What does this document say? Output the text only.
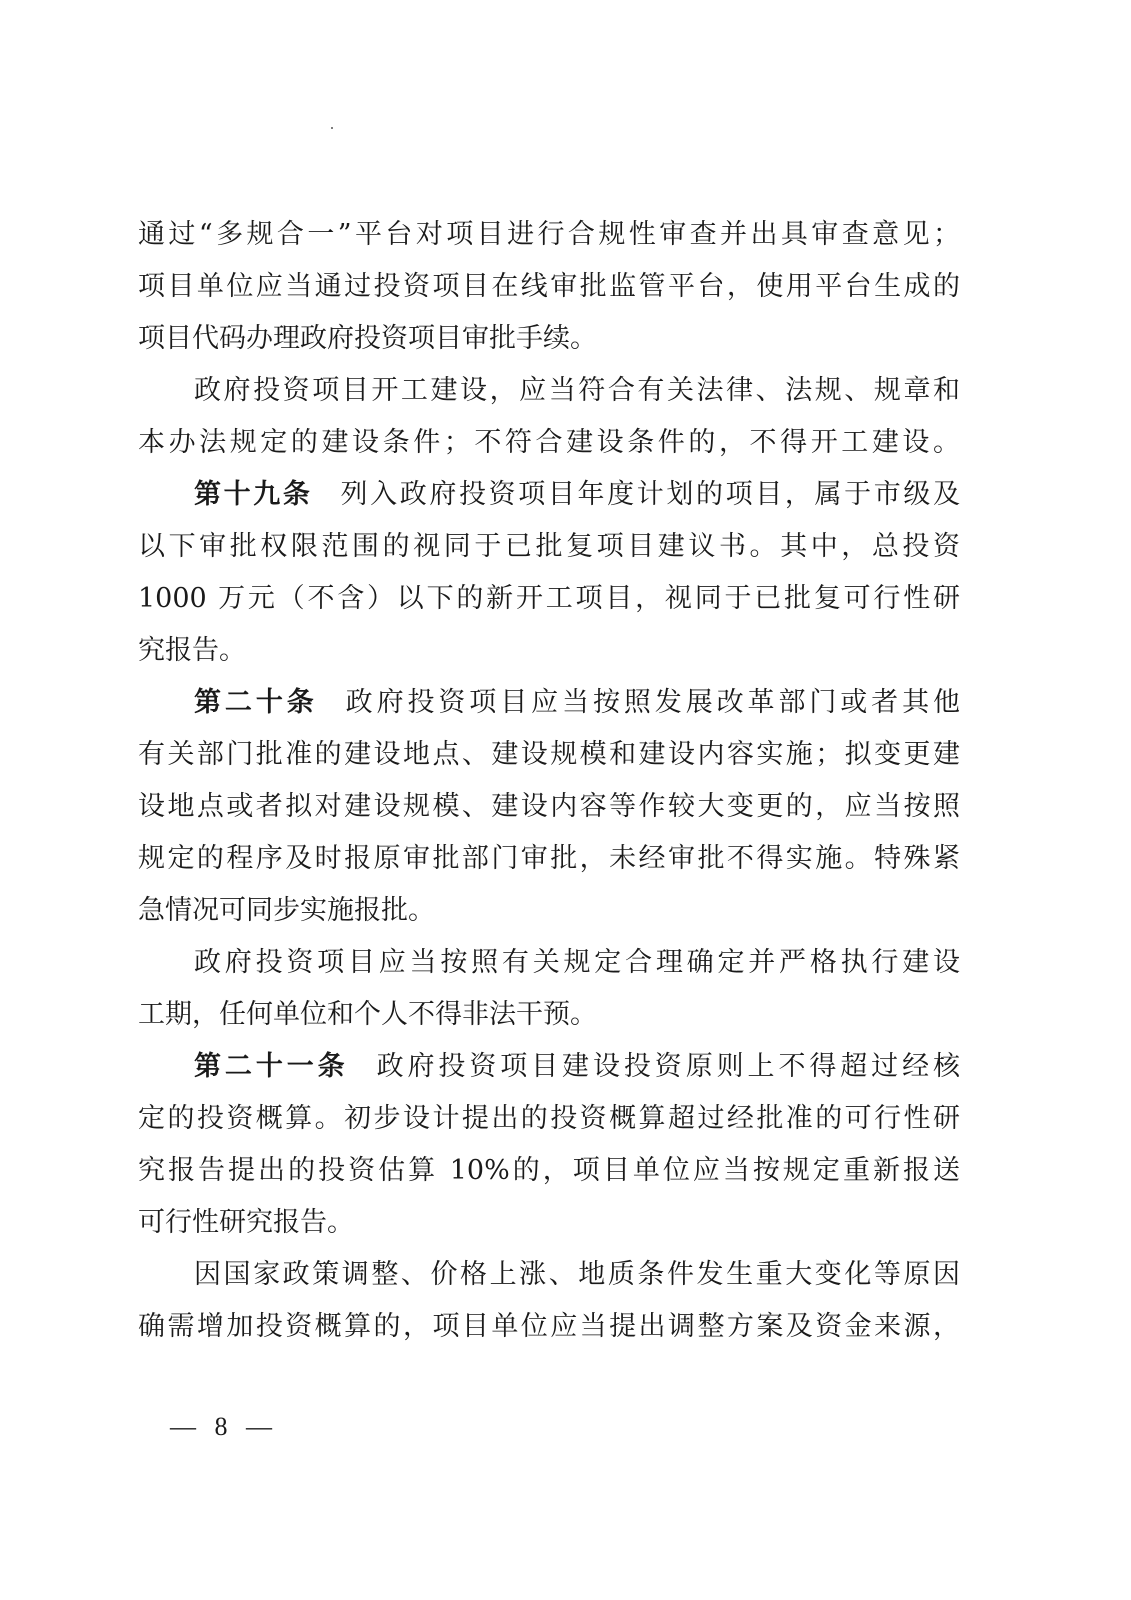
通过“多规合一”平台对项目进行合规性审查并出具审查意见；
项目单位应当通过投资项目在线审批监管平台，使用平台生成的
项目代码办理政府投资项目审批手续。
政府投资项目开工建设，应当符合有关法律、法规、规章和
本办法规定的建设条件；不符合建设条件的，不得开工建设。
第十九条 列入政府投资项目年度计划的项目，属于市级及
以下审批权限范围的视同于已批复项目建议书。其中，总投资
1000 万元（不含）以下的新开工项目，视同于已批复可行性研
究报告。
第二十条 政府投资项目应当按照发展改革部门或者其他
有关部门批准的建设地点、建设规模和建设内容实施；拟变更建
设地点或者拟对建设规模、建设内容等作较大变更的，应当按照
规定的程序及时报原审批部门审批，未经审批不得实施。特殊紧
急情况可同步实施报批。
政府投资项目应当按照有关规定合理确定并严格执行建设
工期，任何单位和个人不得非法干预。
第二十一条 政府投资项目建设投资原则上不得超过经核
定的投资概算。初步设计提出的投资概算超过经批准的可行性研
究报告提出的投资估算 10%的，项目单位应当按规定重新报送
可行性研究报告。
因国家政策调整、价格上涨、地质条件发生重大变化等原因
确需增加投资概算的，项目单位应当提出调整方案及资金来源，
— 8 —
